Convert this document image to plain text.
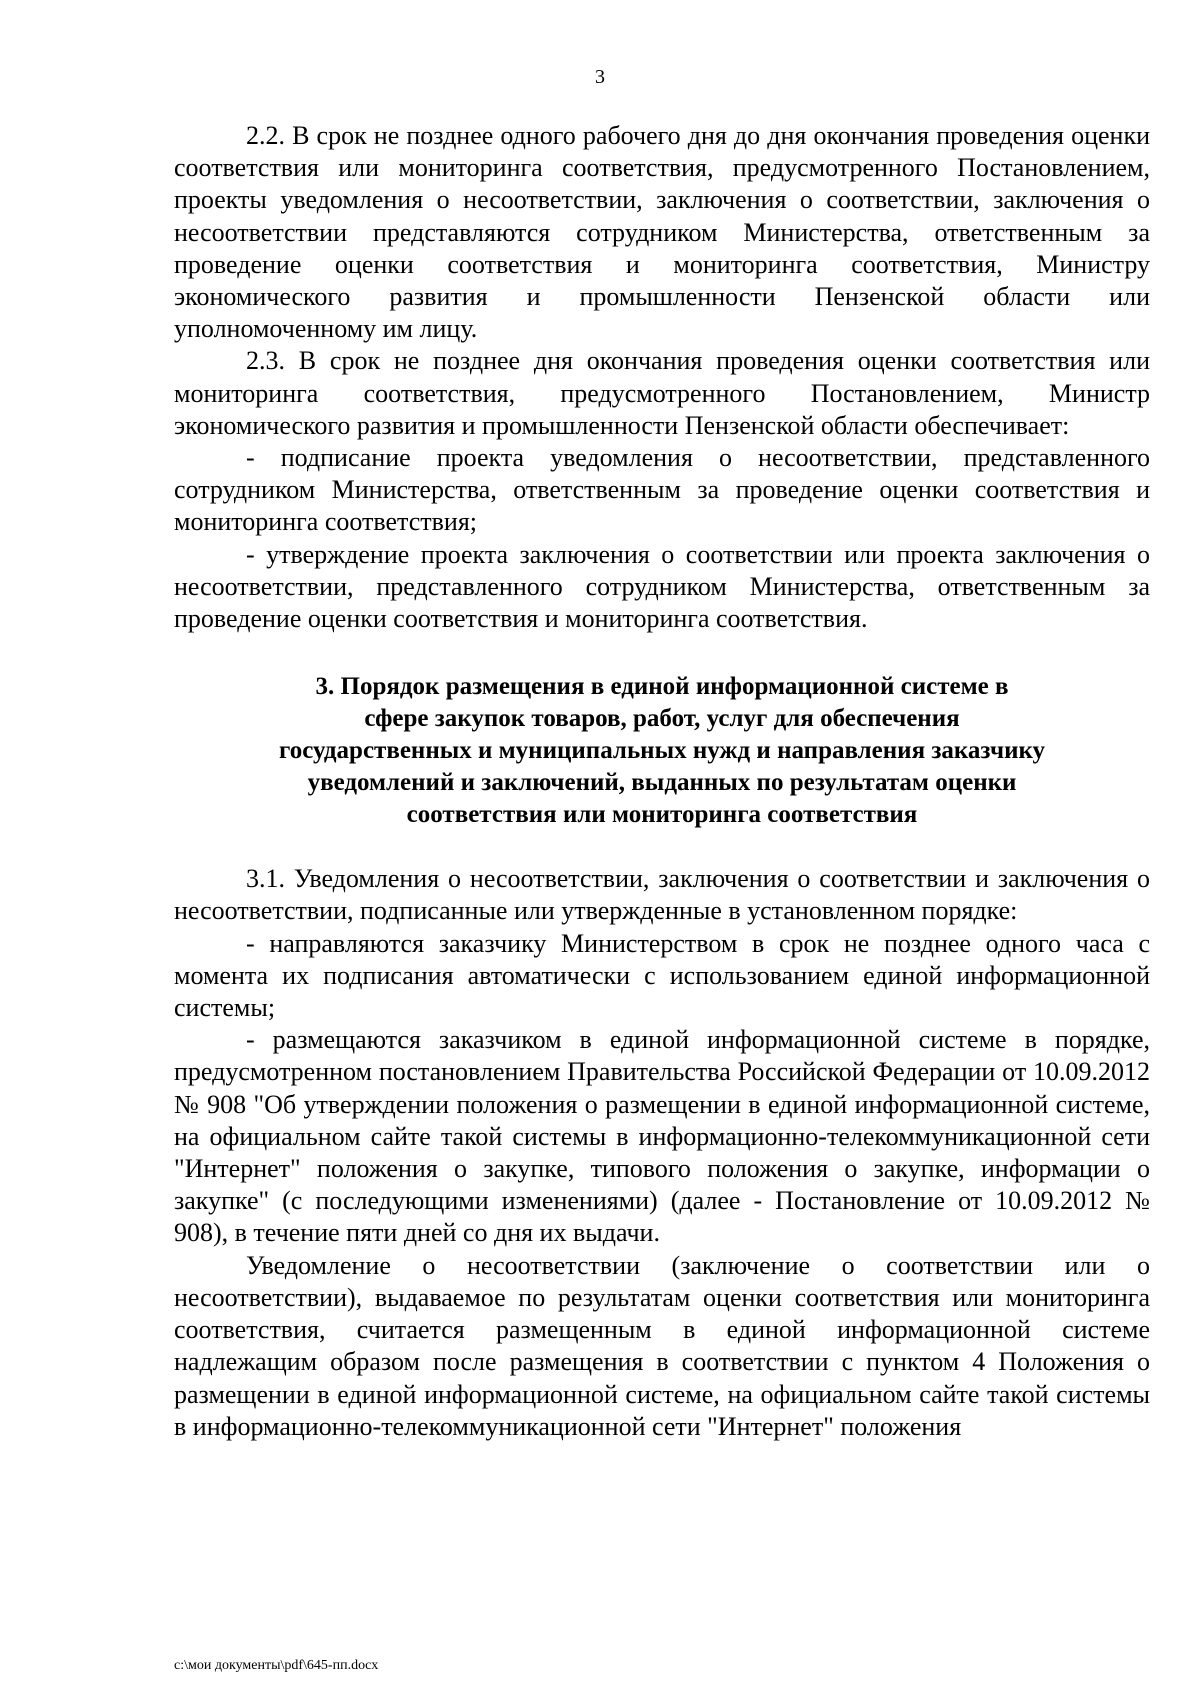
3

2.2. В срок не позднее одного рабочего дня до дня окончания проведения оценки соответствия или мониторинга соответствия, предусмотренного Постановлением, проекты уведомления о несоответствии, заключения о соответствии, заключения о несоответствии представляются сотрудником Министерства, ответственным за проведение оценки соответствия и мониторинга соответствия, Министру экономического развития и промышленности Пензенской области или уполномоченному им лицу.

2.3. В срок не позднее дня окончания проведения оценки соответствия или мониторинга соответствия, предусмотренного Постановлением, Министр экономического развития и промышленности Пензенской области обеспечивает:

- подписание проекта уведомления о несоответствии, представленного сотрудником Министерства, ответственным за проведение оценки соответствия и мониторинга соответствия;

- утверждение проекта заключения о соответствии или проекта заключения о несоответствии, представленного сотрудником Министерства, ответственным за проведение оценки соответствия и мониторинга соответствия.

3. Порядок размещения в единой информационной системе в
сфере закупок товаров, работ, услуг для обеспечения
государственных и муниципальных нужд и направления заказчику
уведомлений и заключений, выданных по результатам оценки
соответствия или мониторинга соответствия

3.1. Уведомления о несоответствии, заключения о соответствии и заключения о несоответствии, подписанные или утвержденные в установленном порядке:

- направляются заказчику Министерством в срок не позднее одного часа с момента их подписания автоматически с использованием единой информационной системы;

- размещаются заказчиком в единой информационной системе в порядке, предусмотренном постановлением Правительства Российской Федерации от 10.09.2012 № 908 "Об утверждении положения о размещении в единой информационной системе, на официальном сайте такой системы в информационно-телекоммуникационной сети "Интернет" положения о закупке, типового положения о закупке, информации о закупке" (с последующими изменениями) (далее - Постановление от 10.09.2012 № 908), в течение пяти дней со дня их выдачи.

Уведомление о несоответствии (заключение о соответствии или о несоответствии), выдаваемое по результатам оценки соответствия или мониторинга соответствия, считается размещенным в единой информационной системе надлежащим образом после размещения в соответствии с пунктом 4 Положения о размещении в единой информационной системе, на официальном сайте такой системы в информационно-телекоммуникационной сети "Интернет" положения

c:\мои документы\pdf\645-пп.docx
